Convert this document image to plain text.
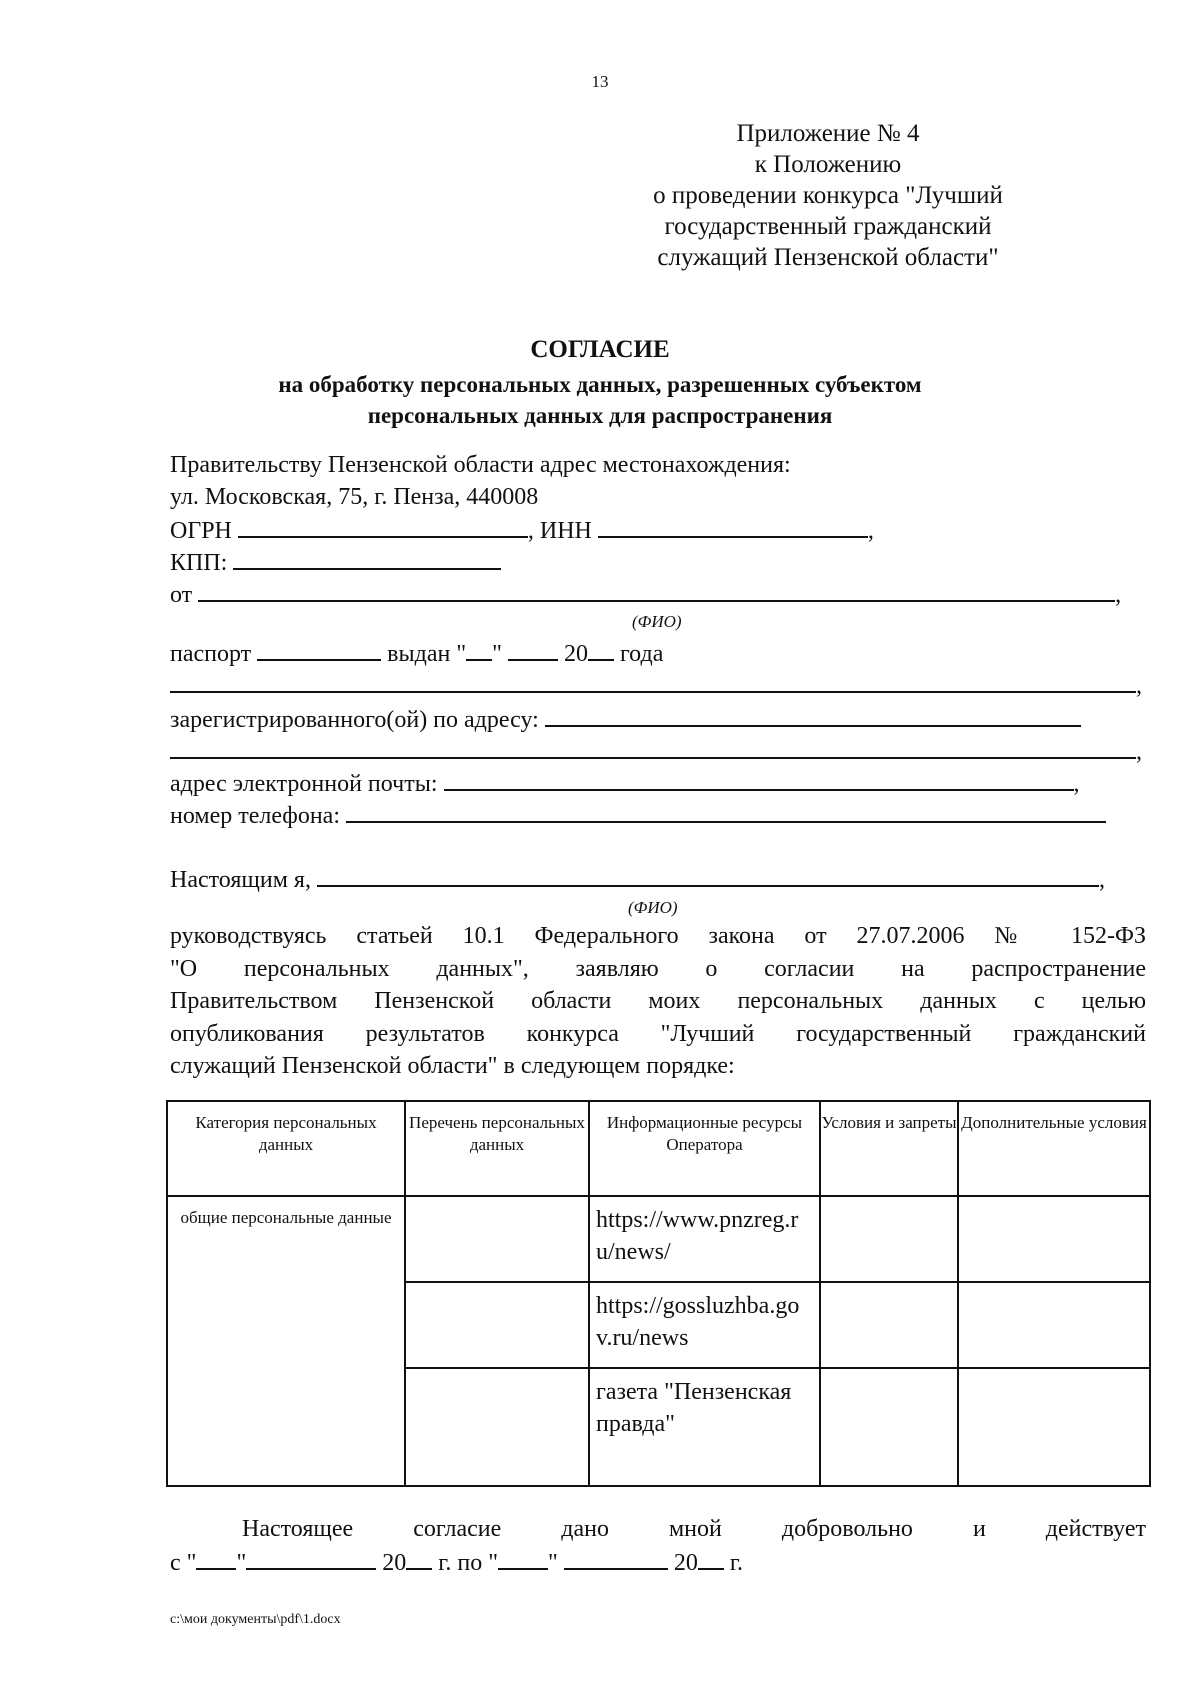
13
Приложение № 4
к Положению
о проведении конкурса "Лучший
государственный гражданский
служащий Пензенской области"
СОГЛАСИЕ
на обработку персональных данных, разрешенных субъектом
персональных данных для распространения
Правительству Пензенской области адрес местонахождения:
ул. Московская, 75, г. Пенза, 440008
ОГРН	, ИНН	,
КПП:
от	,
(ФИО)
паспорт	выдан " "	20 года
,
зарегистрированного(ой) по адресу:
,
адрес электронной почты:	,
номер телефона:
Настоящим я,	,
(ФИО)
руководствуясь статьей 10.1 Федерального закона от 27.07.2006 № 152-ФЗ
"О персональных данных", заявляю о согласии на распространение
Правительством Пензенской области моих персональных данных с целью
опубликования результатов конкурса "Лучший государственный гражданский
служащий Пензенской области" в следующем порядке:
Категория персональных данных	Перечень персональных данных	Информационные ресурсы Оператора	Условия и запреты	Дополнительные условия
общие персональные данные		https://www.pnzreg.ru/news/		
		https://gossluzhba.gov.ru/news		
		газета "Пензенская правда"		
Настоящее согласие дано мной добровольно и действует
с " "	20 г. по " "	20 г.
c:\мои документы\pdf\1.docx
